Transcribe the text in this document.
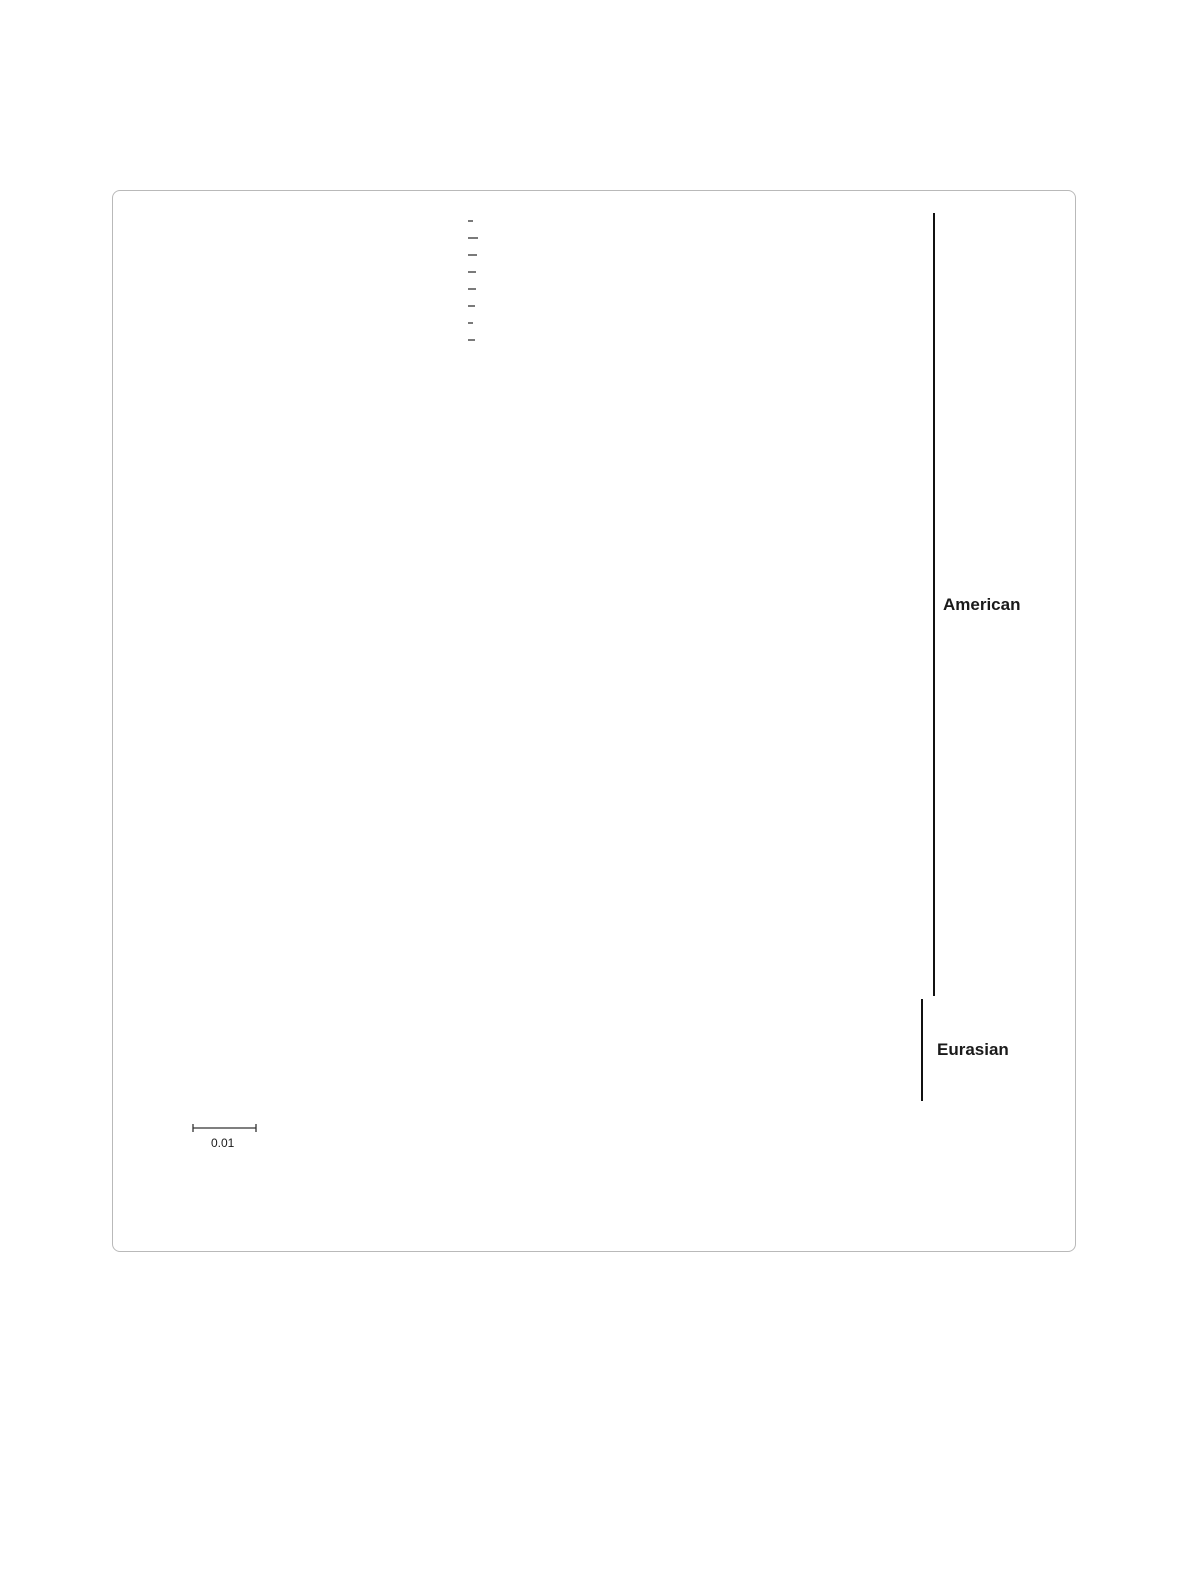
American
Eurasian
0.01
